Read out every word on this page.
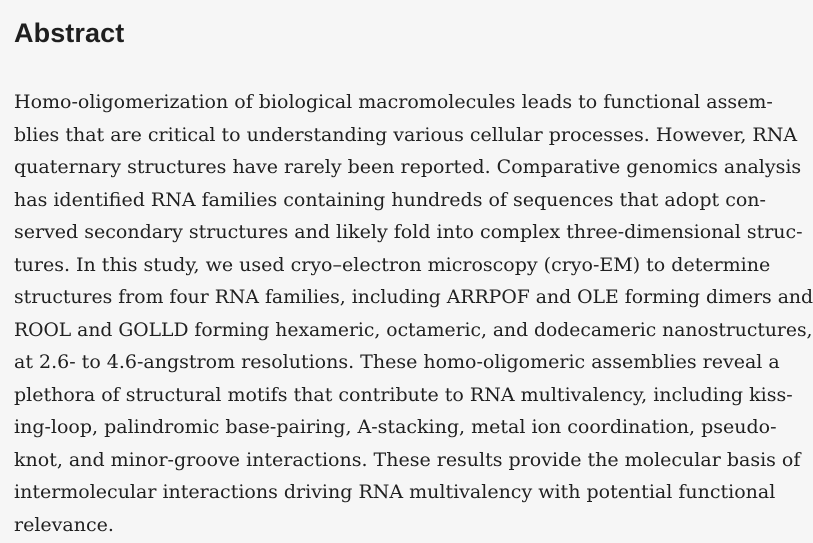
Abstract
Homo-oligomerization of biological macromolecules leads to functional assem-
blies that are critical to understanding various cellular processes. However, RNA
quaternary structures have rarely been reported. Comparative genomics analysis
has identified RNA families containing hundreds of sequences that adopt con-
served secondary structures and likely fold into complex three-dimensional struc-
tures. In this study, we used cryo–electron microscopy (cryo-EM) to determine
structures from four RNA families, including ARRPOF and OLE forming dimers and
ROOL and GOLLD forming hexameric, octameric, and dodecameric nanostructures,
at 2.6- to 4.6-angstrom resolutions. These homo-oligomeric assemblies reveal a
plethora of structural motifs that contribute to RNA multivalency, including kiss-
ing-loop, palindromic base-pairing, A-stacking, metal ion coordination, pseudo-
knot, and minor-groove interactions. These results provide the molecular basis of
intermolecular interactions driving RNA multivalency with potential functional
relevance.
